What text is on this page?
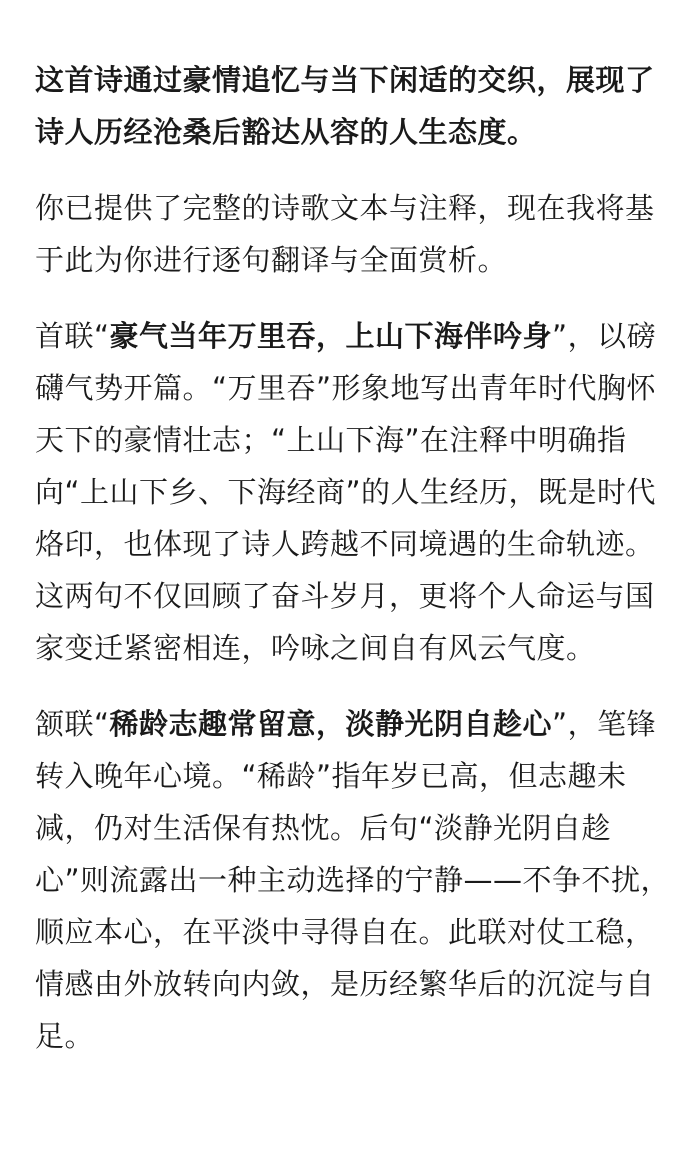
这首诗通过豪情追忆与当下闲适的交织，展现了诗人历经沧桑后豁达从容的人生态度。

你已提供了完整的诗歌文本与注释，现在我将基于此为你进行逐句翻译与全面赏析。

首联“豪气当年万里吞，上山下海伴吟身”，以磅礴气势开篇。“万里吞”形象地写出青年时代胸怀天下的豪情壮志；“上山下海”在注释中明确指向“上山下乡、下海经商”的人生经历，既是时代烙印，也体现了诗人跨越不同境遇的生命轨迹。这两句不仅回顾了奋斗岁月，更将个人命运与国家变迁紧密相连，吟咏之间自有风云气度。

颔联“稀龄志趣常留意，淡静光阴自趁心”，笔锋转入晚年心境。“稀龄”指年岁已高，但志趣未减，仍对生活保有热忱。后句“淡静光阴自趁心”则流露出一种主动选择的宁静——不争不扰，顺应本心，在平淡中寻得自在。此联对仗工稳，情感由外放转向内敛，是历经繁华后的沉淀与自足。
